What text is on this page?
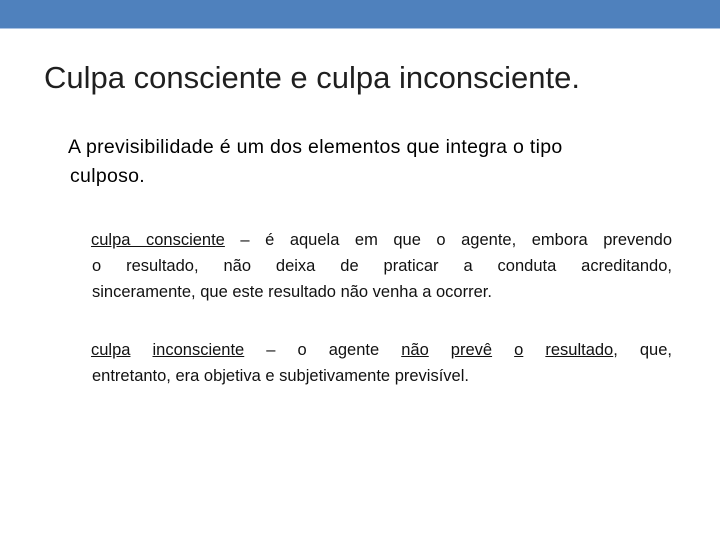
Culpa consciente e culpa inconsciente.
A previsibilidade é um dos elementos que integra o tipo
culposo.
culpa consciente – é aquela em que o agente, embora prevendo
o resultado, não deixa de praticar a conduta acreditando,
sinceramente, que este resultado não venha a ocorrer.
culpa inconsciente – o agente não prevê o resultado, que,
entretanto, era objetiva e subjetivamente previsível.
